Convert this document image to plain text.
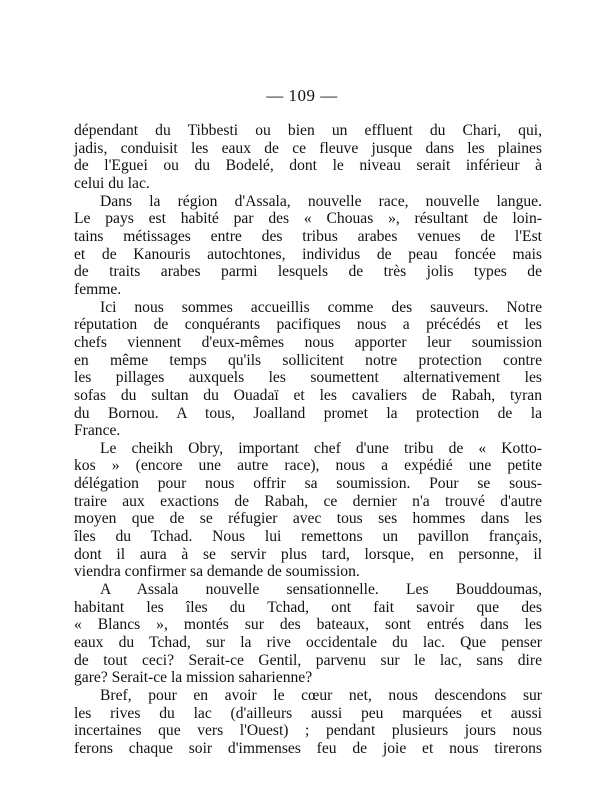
— 109 —

dépendant du Tibbesti ou bien un effluent du Chari, qui,
jadis, conduisit les eaux de ce fleuve jusque dans les plaines
de l'Eguei ou du Bodelé, dont le niveau serait inférieur à
celui du lac.

Dans la région d'Assala, nouvelle race, nouvelle langue.
Le pays est habité par des « Chouas », résultant de loin-
tains métissages entre des tribus arabes venues de l'Est
et de Kanouris autochtones, individus de peau foncée mais
de traits arabes parmi lesquels de très jolis types de
femme.

Ici nous sommes accueillis comme des sauveurs. Notre
réputation de conquérants pacifiques nous a précédés et les
chefs viennent d'eux-mêmes nous apporter leur soumission
en même temps qu'ils sollicitent notre protection contre
les pillages auxquels les soumettent alternativement les
sofas du sultan du Ouadaï et les cavaliers de Rabah, tyran
du Bornou. A tous, Joalland promet la protection de la
France.

Le cheikh Obry, important chef d'une tribu de « Kotto-
kos » (encore une autre race), nous a expédié une petite
délégation pour nous offrir sa soumission. Pour se sous-
traire aux exactions de Rabah, ce dernier n'a trouvé d'autre
moyen que de se réfugier avec tous ses hommes dans les
îles du Tchad. Nous lui remettons un pavillon français,
dont il aura à se servir plus tard, lorsque, en personne, il
viendra confirmer sa demande de soumission.

A Assala nouvelle sensationnelle. Les Bouddoumas,
habitant les îles du Tchad, ont fait savoir que des
« Blancs », montés sur des bateaux, sont entrés dans les
eaux du Tchad, sur la rive occidentale du lac. Que penser
de tout ceci? Serait-ce Gentil, parvenu sur le lac, sans dire
gare? Serait-ce la mission saharienne?

Bref, pour en avoir le cœur net, nous descendons sur
les rives du lac (d'ailleurs aussi peu marquées et aussi
incertaines que vers l'Ouest) ; pendant plusieurs jours nous
ferons chaque soir d'immenses feu de joie et nous tirerons
